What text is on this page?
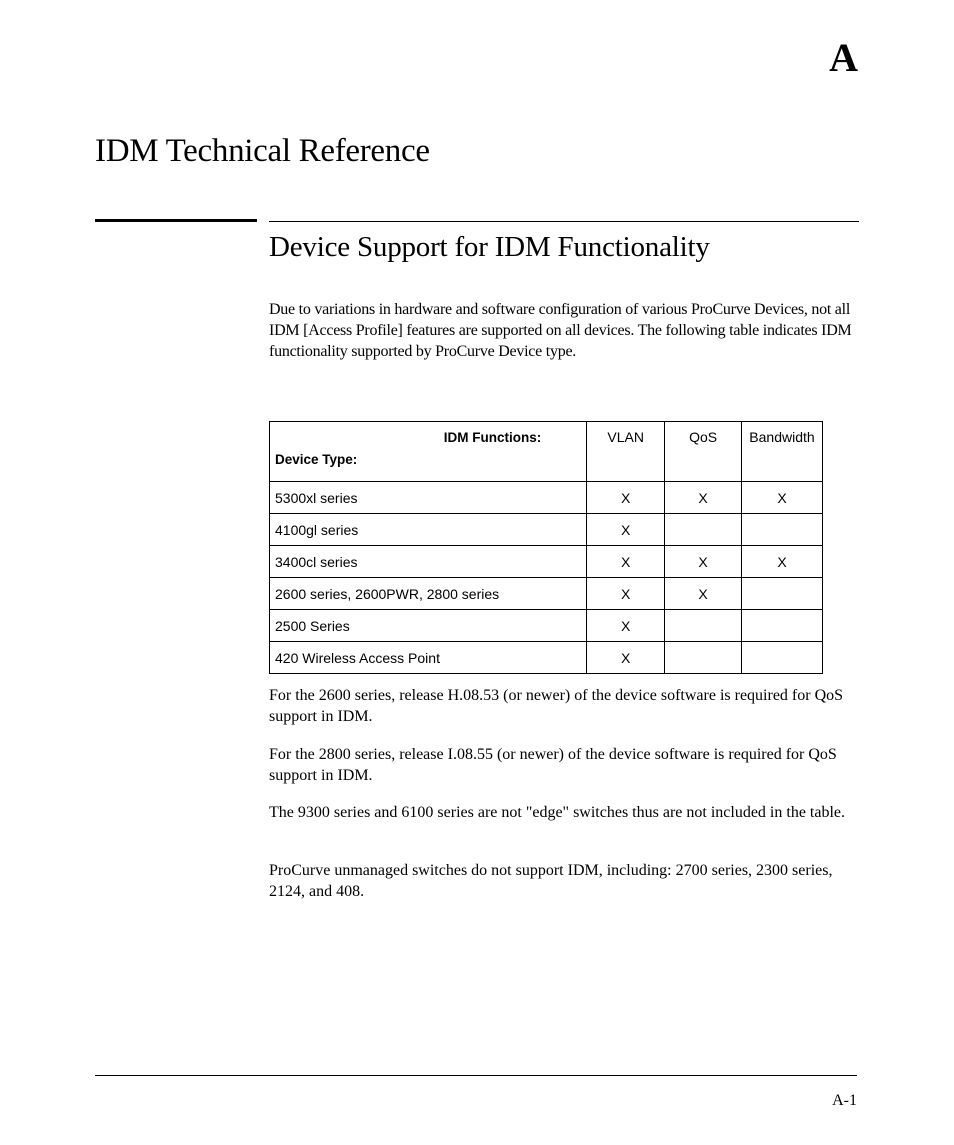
A
IDM Technical Reference
Device Support for IDM Functionality

Due to variations in hardware and software configuration of various ProCurve Devices, not all IDM [Access Profile] features are supported on all devices. The following table indicates IDM functionality supported by ProCurve Device type.

IDM Functions:
Device Type:	VLAN	QoS	Bandwidth
5300xl series	X	X	X
4100gl series	X		
3400cl series	X	X	X
2600 series, 2600PWR, 2800 series	X	X	
2500 Series	X		
420 Wireless Access Point	X		

For the 2600 series, release H.08.53 (or newer) of the device software is required for QoS support in IDM.

For the 2800 series, release I.08.55 (or newer) of the device software is required for QoS support in IDM.

The 9300 series and 6100 series are not "edge" switches thus are not included in the table.

ProCurve unmanaged switches do not support IDM, including: 2700 series, 2300 series, 2124, and 408.

A-1
